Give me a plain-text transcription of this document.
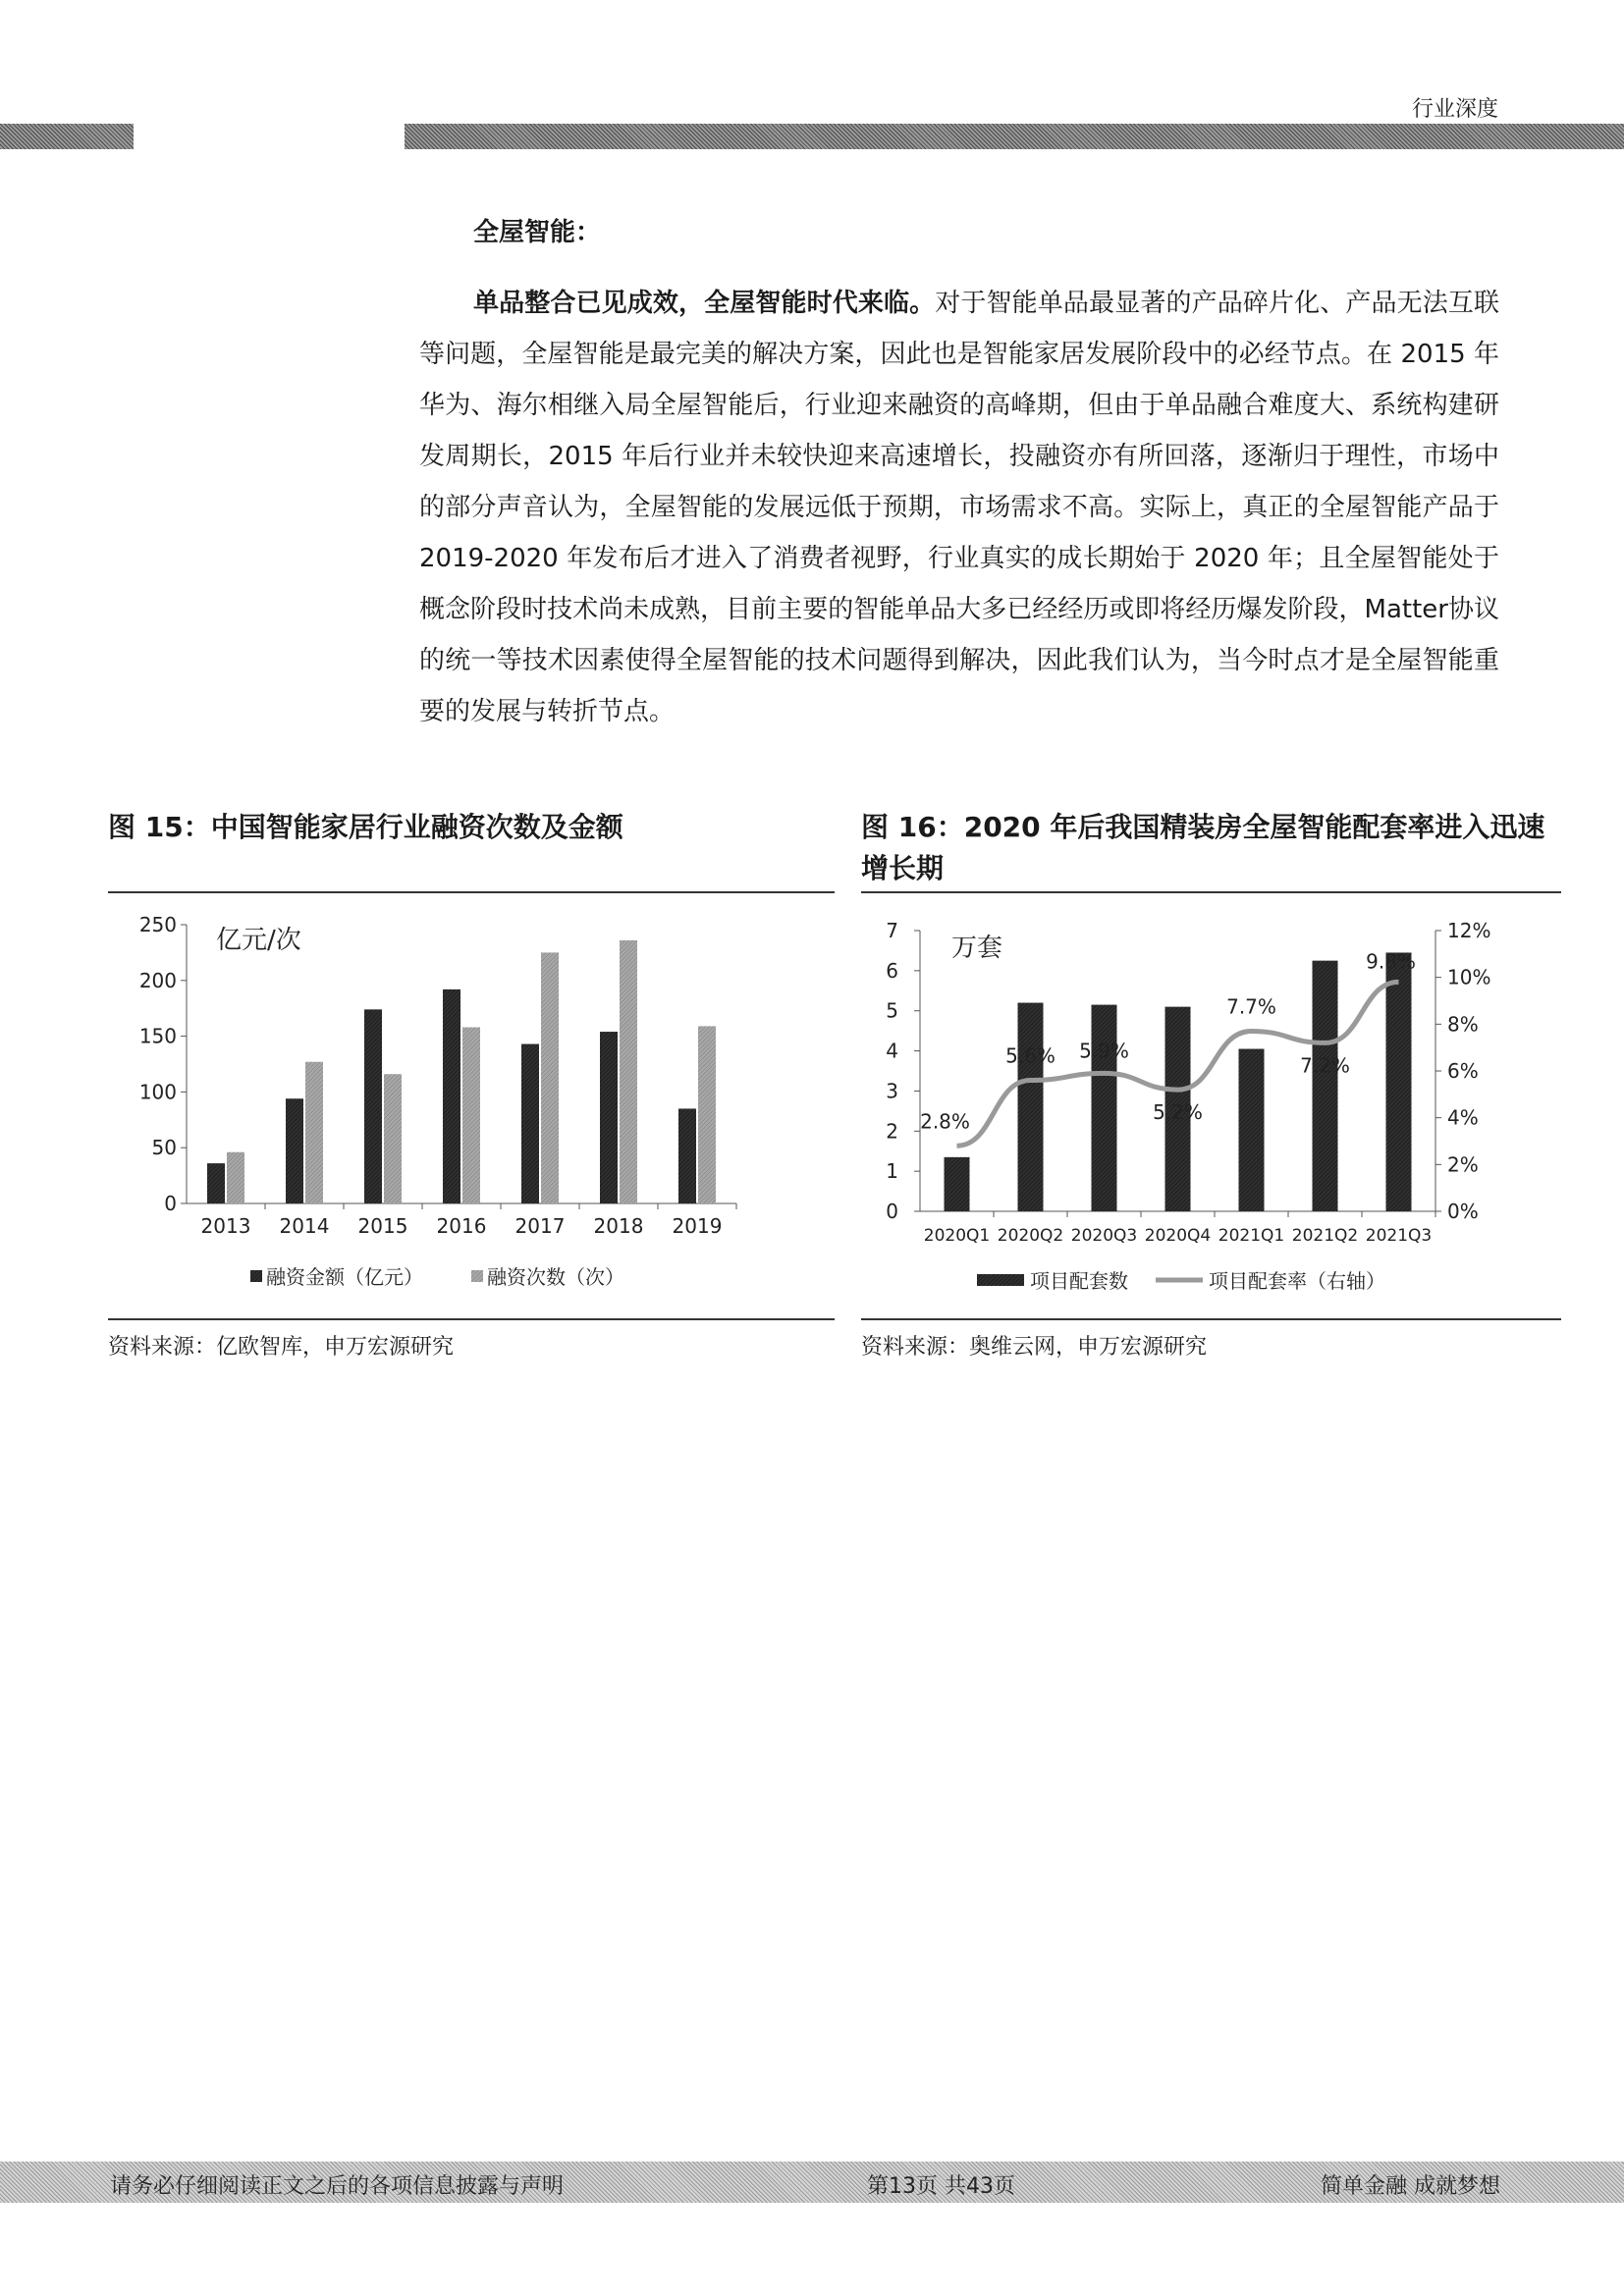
行业深度
全屋智能：
单品整合已见成效，全屋智能时代来临。对于智能单品最显著的产品碎片化、产品无法互联等问题，全屋智能是最完美的解决方案，因此也是智能家居发展阶段中的必经节点。在 2015 年华为、海尔相继入局全屋智能后，行业迎来融资的高峰期，但由于单品融合难度大、系统构建研发周期长，2015 年后行业并未较快迎来高速增长，投融资亦有所回落，逐渐归于理性，市场中的部分声音认为，全屋智能的发展远低于预期，市场需求不高。实际上，真正的全屋智能产品于 2019-2020 年发布后才进入了消费者视野，行业真实的成长期始于 2020 年；且全屋智能处于概念阶段时技术尚未成熟，目前主要的智能单品大多已经经历或即将经历爆发阶段，Matter协议的统一等技术因素使得全屋智能的技术问题得到解决，因此我们认为，当今时点才是全屋智能重要的发展与转折节点。
图 15：中国智能家居行业融资次数及金额
0
50
100
150
200
250
亿元/次
2013 2014 2015 2016 2017 2018 2019
融资金额（亿元）	融资次数（次）
资料来源：亿欧智库，申万宏源研究
图 16：2020 年后我国精装房全屋智能配套率进入迅速增长期
0
1
2
3
4
5
6
7
0%
2%
4%
6%
8%
10%
12%
万套
2020Q1 2020Q2 2020Q3 2020Q4 2021Q1 2021Q2 2021Q3
2.8%
5.6% 5.9%
5.2%
7.7%
7.2%
9.8%
项目配套数	项目配套率（右轴）
资料来源：奥维云网，申万宏源研究
请务必仔细阅读正文之后的各项信息披露与声明	第13页 共43页	简单金融 成就梦想
